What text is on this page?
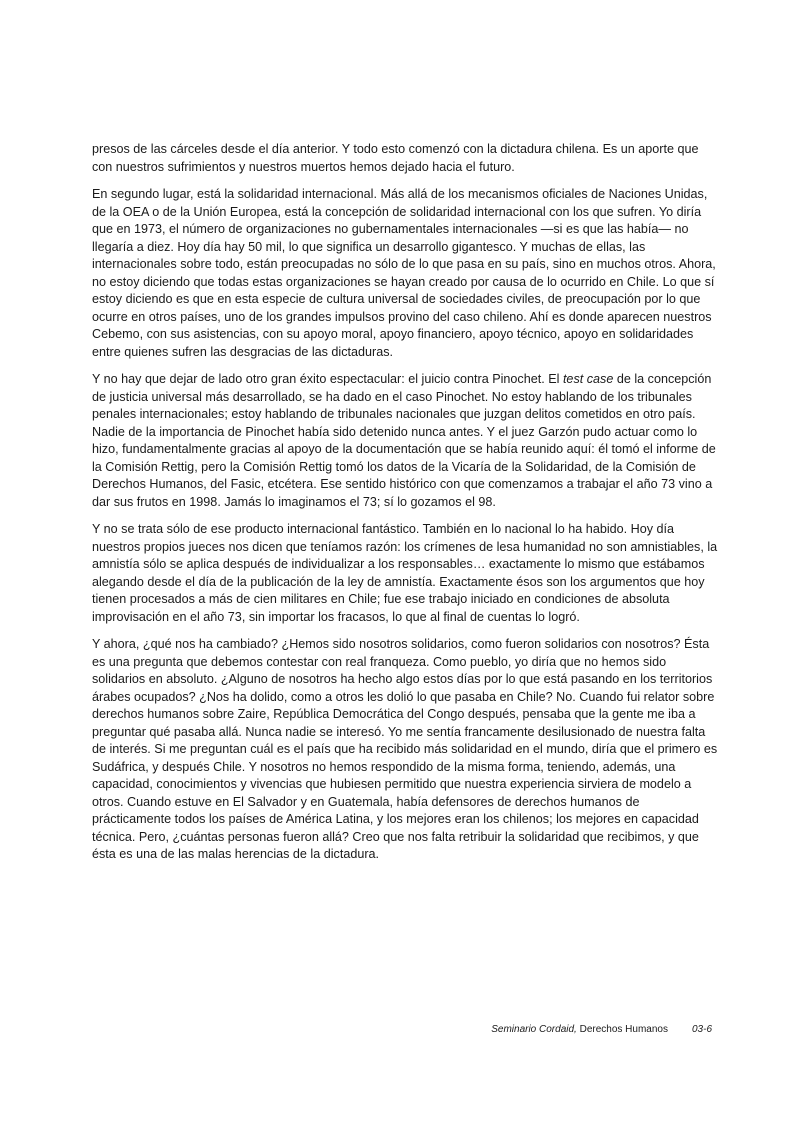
presos de las cárceles desde el día anterior. Y todo esto comenzó con la dictadura chilena. Es un aporte que con nuestros sufrimientos y nuestros muertos hemos dejado hacia el futuro.

En segundo lugar, está la solidaridad internacional. Más allá de los mecanismos oficiales de Naciones Unidas, de la OEA o de la Unión Europea, está la concepción de solidaridad internacional con los que sufren. Yo diría que en 1973, el número de organizaciones no gubernamentales internacionales —si es que las había— no llegaría a diez. Hoy día hay 50 mil, lo que significa un desarrollo gigantesco. Y muchas de ellas, las internacionales sobre todo, están preocupadas no sólo de lo que pasa en su país, sino en muchos otros. Ahora, no estoy diciendo que todas estas organizaciones se hayan creado por causa de lo ocurrido en Chile. Lo que sí estoy diciendo es que en esta especie de cultura universal de sociedades civiles, de preocupación por lo que ocurre en otros países, uno de los grandes impulsos provino del caso chileno. Ahí es donde aparecen nuestros Cebemo, con sus asistencias, con su apoyo moral, apoyo financiero, apoyo técnico, apoyo en solidaridades entre quienes sufren las desgracias de las dictaduras.

Y no hay que dejar de lado otro gran éxito espectacular: el juicio contra Pinochet. El test case de la concepción de justicia universal más desarrollado, se ha dado en el caso Pinochet. No estoy hablando de los tribunales penales internacionales; estoy hablando de tribunales nacionales que juzgan delitos cometidos en otro país. Nadie de la importancia de Pinochet había sido detenido nunca antes. Y el juez Garzón pudo actuar como lo hizo, fundamentalmente gracias al apoyo de la documentación que se había reunido aquí: él tomó el informe de la Comisión Rettig, pero la Comisión Rettig tomó los datos de la Vicaría de la Solidaridad, de la Comisión de Derechos Humanos, del Fasic, etcétera. Ese sentido histórico con que comenzamos a trabajar el año 73 vino a dar sus frutos en 1998. Jamás lo imaginamos el 73; sí lo gozamos el 98.

Y no se trata sólo de ese producto internacional fantástico. También en lo nacional lo ha habido. Hoy día nuestros propios jueces nos dicen que teníamos razón: los crímenes de lesa humanidad no son amnistiables, la amnistía sólo se aplica después de individualizar a los responsables… exactamente lo mismo que estábamos alegando desde el día de la publicación de la ley de amnistía. Exactamente ésos son los argumentos que hoy tienen procesados a más de cien militares en Chile; fue ese trabajo iniciado en condiciones de absoluta improvisación en el año 73, sin importar los fracasos, lo que al final de cuentas lo logró.

Y ahora, ¿qué nos ha cambiado? ¿Hemos sido nosotros solidarios, como fueron solidarios con nosotros? Ésta es una pregunta que debemos contestar con real franqueza. Como pueblo, yo diría que no hemos sido solidarios en absoluto. ¿Alguno de nosotros ha hecho algo estos días por lo que está pasando en los territorios árabes ocupados? ¿Nos ha dolido, como a otros les dolió lo que pasaba en Chile? No. Cuando fui relator sobre derechos humanos sobre Zaire, República Democrática del Congo después, pensaba que la gente me iba a preguntar qué pasaba allá. Nunca nadie se interesó. Yo me sentía francamente desilusionado de nuestra falta de interés. Si me preguntan cuál es el país que ha recibido más solidaridad en el mundo, diría que el primero es Sudáfrica, y después Chile. Y nosotros no hemos respondido de la misma forma, teniendo, además, una capacidad, conocimientos y vivencias que hubiesen permitido que nuestra experiencia sirviera de modelo a otros. Cuando estuve en El Salvador y en Guatemala, había defensores de derechos humanos de prácticamente todos los países de América Latina, y los mejores eran los chilenos; los mejores en capacidad técnica. Pero, ¿cuántas personas fueron allá? Creo que nos falta retribuir la solidaridad que recibimos, y que ésta es una de las malas herencias de la dictadura.

Seminario Cordaid, Derechos Humanos 03-6
